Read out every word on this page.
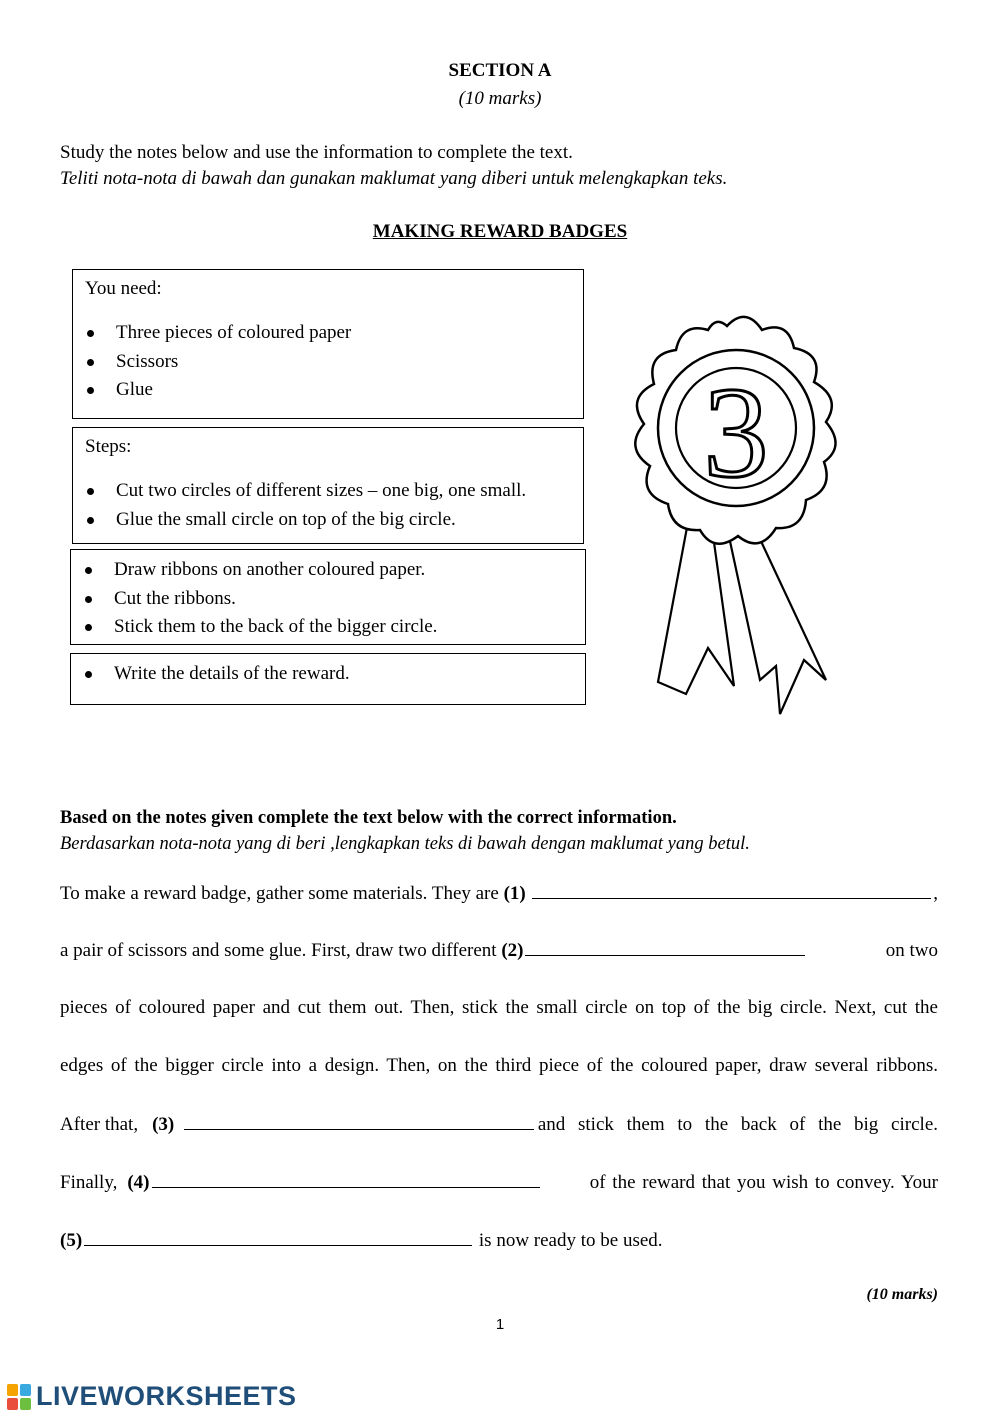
SECTION A
(10 marks)
Study the notes below and use the information to complete the text.
Teliti nota-nota di bawah dan gunakan maklumat yang diberi untuk melengkapkan teks.
MAKING REWARD BADGES
You need:
Three pieces of coloured paper
Scissors
Glue
Steps:
Cut two circles of different sizes – one big, one small.
Glue the small circle on top of the big circle.
Draw ribbons on another coloured paper.
Cut the ribbons.
Stick them to the back of the bigger circle.
Write the details of the reward.
3
Based on the notes given complete the text below with the correct information.
Berdasarkan nota-nota yang di beri ,lengkapkan teks di bawah dengan maklumat yang betul.
To make a reward badge, gather some materials. They are
(1)
	,
a pair of scissors and some glue. First, draw two different
(2)	on two
pieces of coloured paper and cut them out. Then, stick the small circle on top of the big circle. Next, cut the
edges of the bigger circle into a design. Then, on the third piece of the coloured paper, draw several ribbons.
After that, (3)	and stick them to the back of the big circle.
Finally, (4)	of the reward that you wish to convey. Your
(5)
	is now ready to be used.
(10 marks)
1
LIVEWORKSHEETS
